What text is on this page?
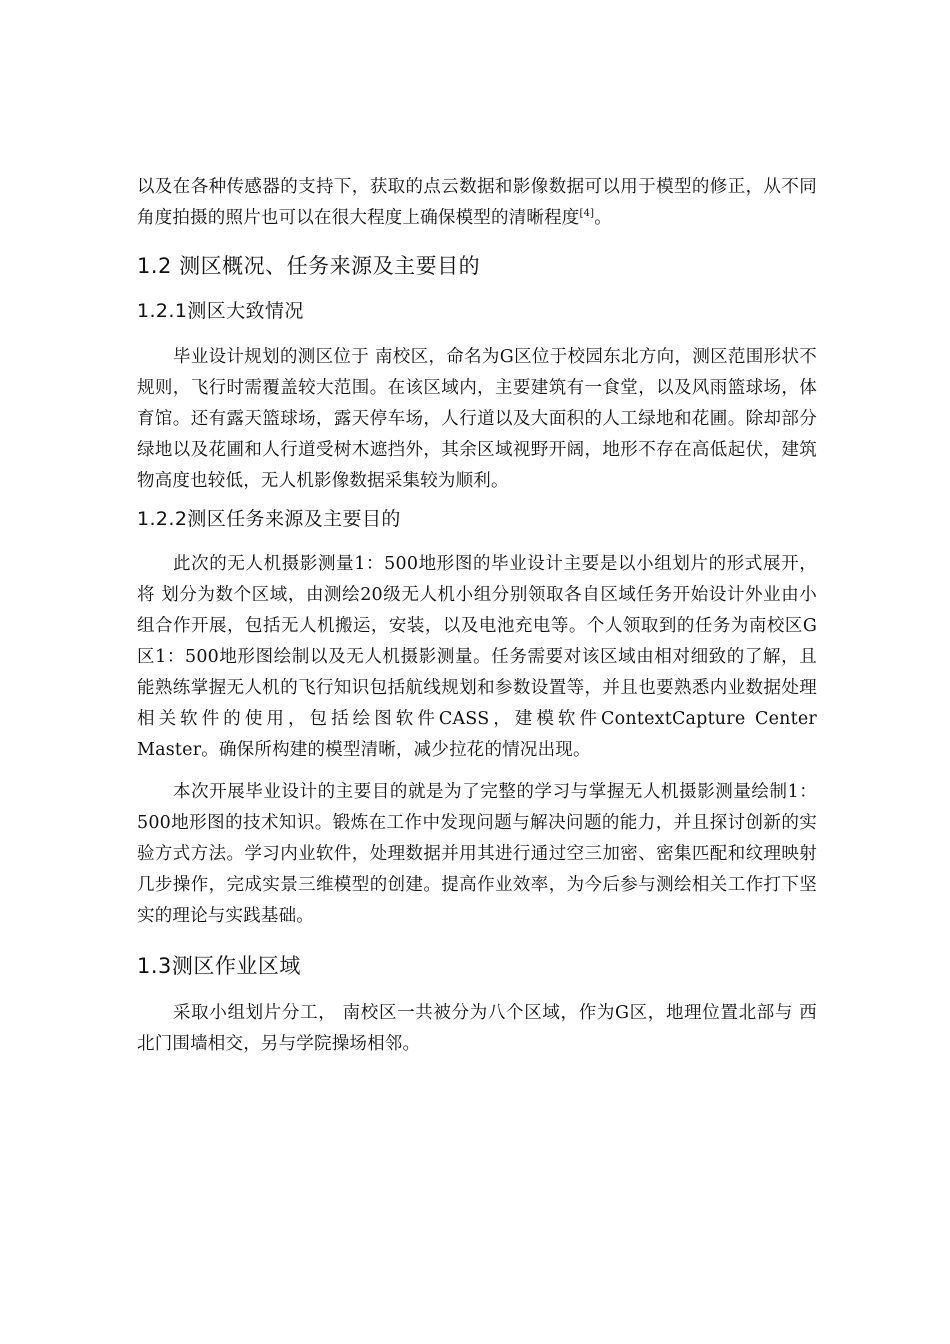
以及在各种传感器的支持下，获取的点云数据和影像数据可以用于模型的修正，从不同角度拍摄的照片也可以在很大程度上确保模型的清晰程度[4]。

1.2 测区概况、任务来源及主要目的
1.2.1测区大致情况

毕业设计规划的测区位于 南校区，命名为G区位于校园东北方向，测区范围形状不规则，飞行时需覆盖较大范围。在该区域内，主要建筑有一食堂，以及风雨篮球场，体育馆。还有露天篮球场，露天停车场，人行道以及大面积的人工绿地和花圃。除却部分绿地以及花圃和人行道受树木遮挡外，其余区域视野开阔，地形不存在高低起伏，建筑物高度也较低，无人机影像数据采集较为顺利。

1.2.2测区任务来源及主要目的

此次的无人机摄影测量1：500地形图的毕业设计主要是以小组划片的形式展开，将 划分为数个区域，由测绘20级无人机小组分别领取各自区域任务开始设计外业由小组合作开展，包括无人机搬运，安装，以及电池充电等。个人领取到的任务为南校区G区1：500地形图绘制以及无人机摄影测量。任务需要对该区域由相对细致的了解，且能熟练掌握无人机的飞行知识包括航线规划和参数设置等，并且也要熟悉内业数据处理相关软件的使用，包括绘图软件CASS，建模软件ContextCapture Center Master。确保所构建的模型清晰，减少拉花的情况出现。

本次开展毕业设计的主要目的就是为了完整的学习与掌握无人机摄影测量绘制1：500地形图的技术知识。锻炼在工作中发现问题与解决问题的能力，并且探讨创新的实验方式方法。学习内业软件，处理数据并用其进行通过空三加密、密集匹配和纹理映射几步操作，完成实景三维模型的创建。提高作业效率，为今后参与测绘相关工作打下坚实的理论与实践基础。

1.3测区作业区域

采取小组划片分工， 南校区一共被分为八个区域，作为G区，地理位置北部与 西北门围墙相交，另与学院操场相邻。
